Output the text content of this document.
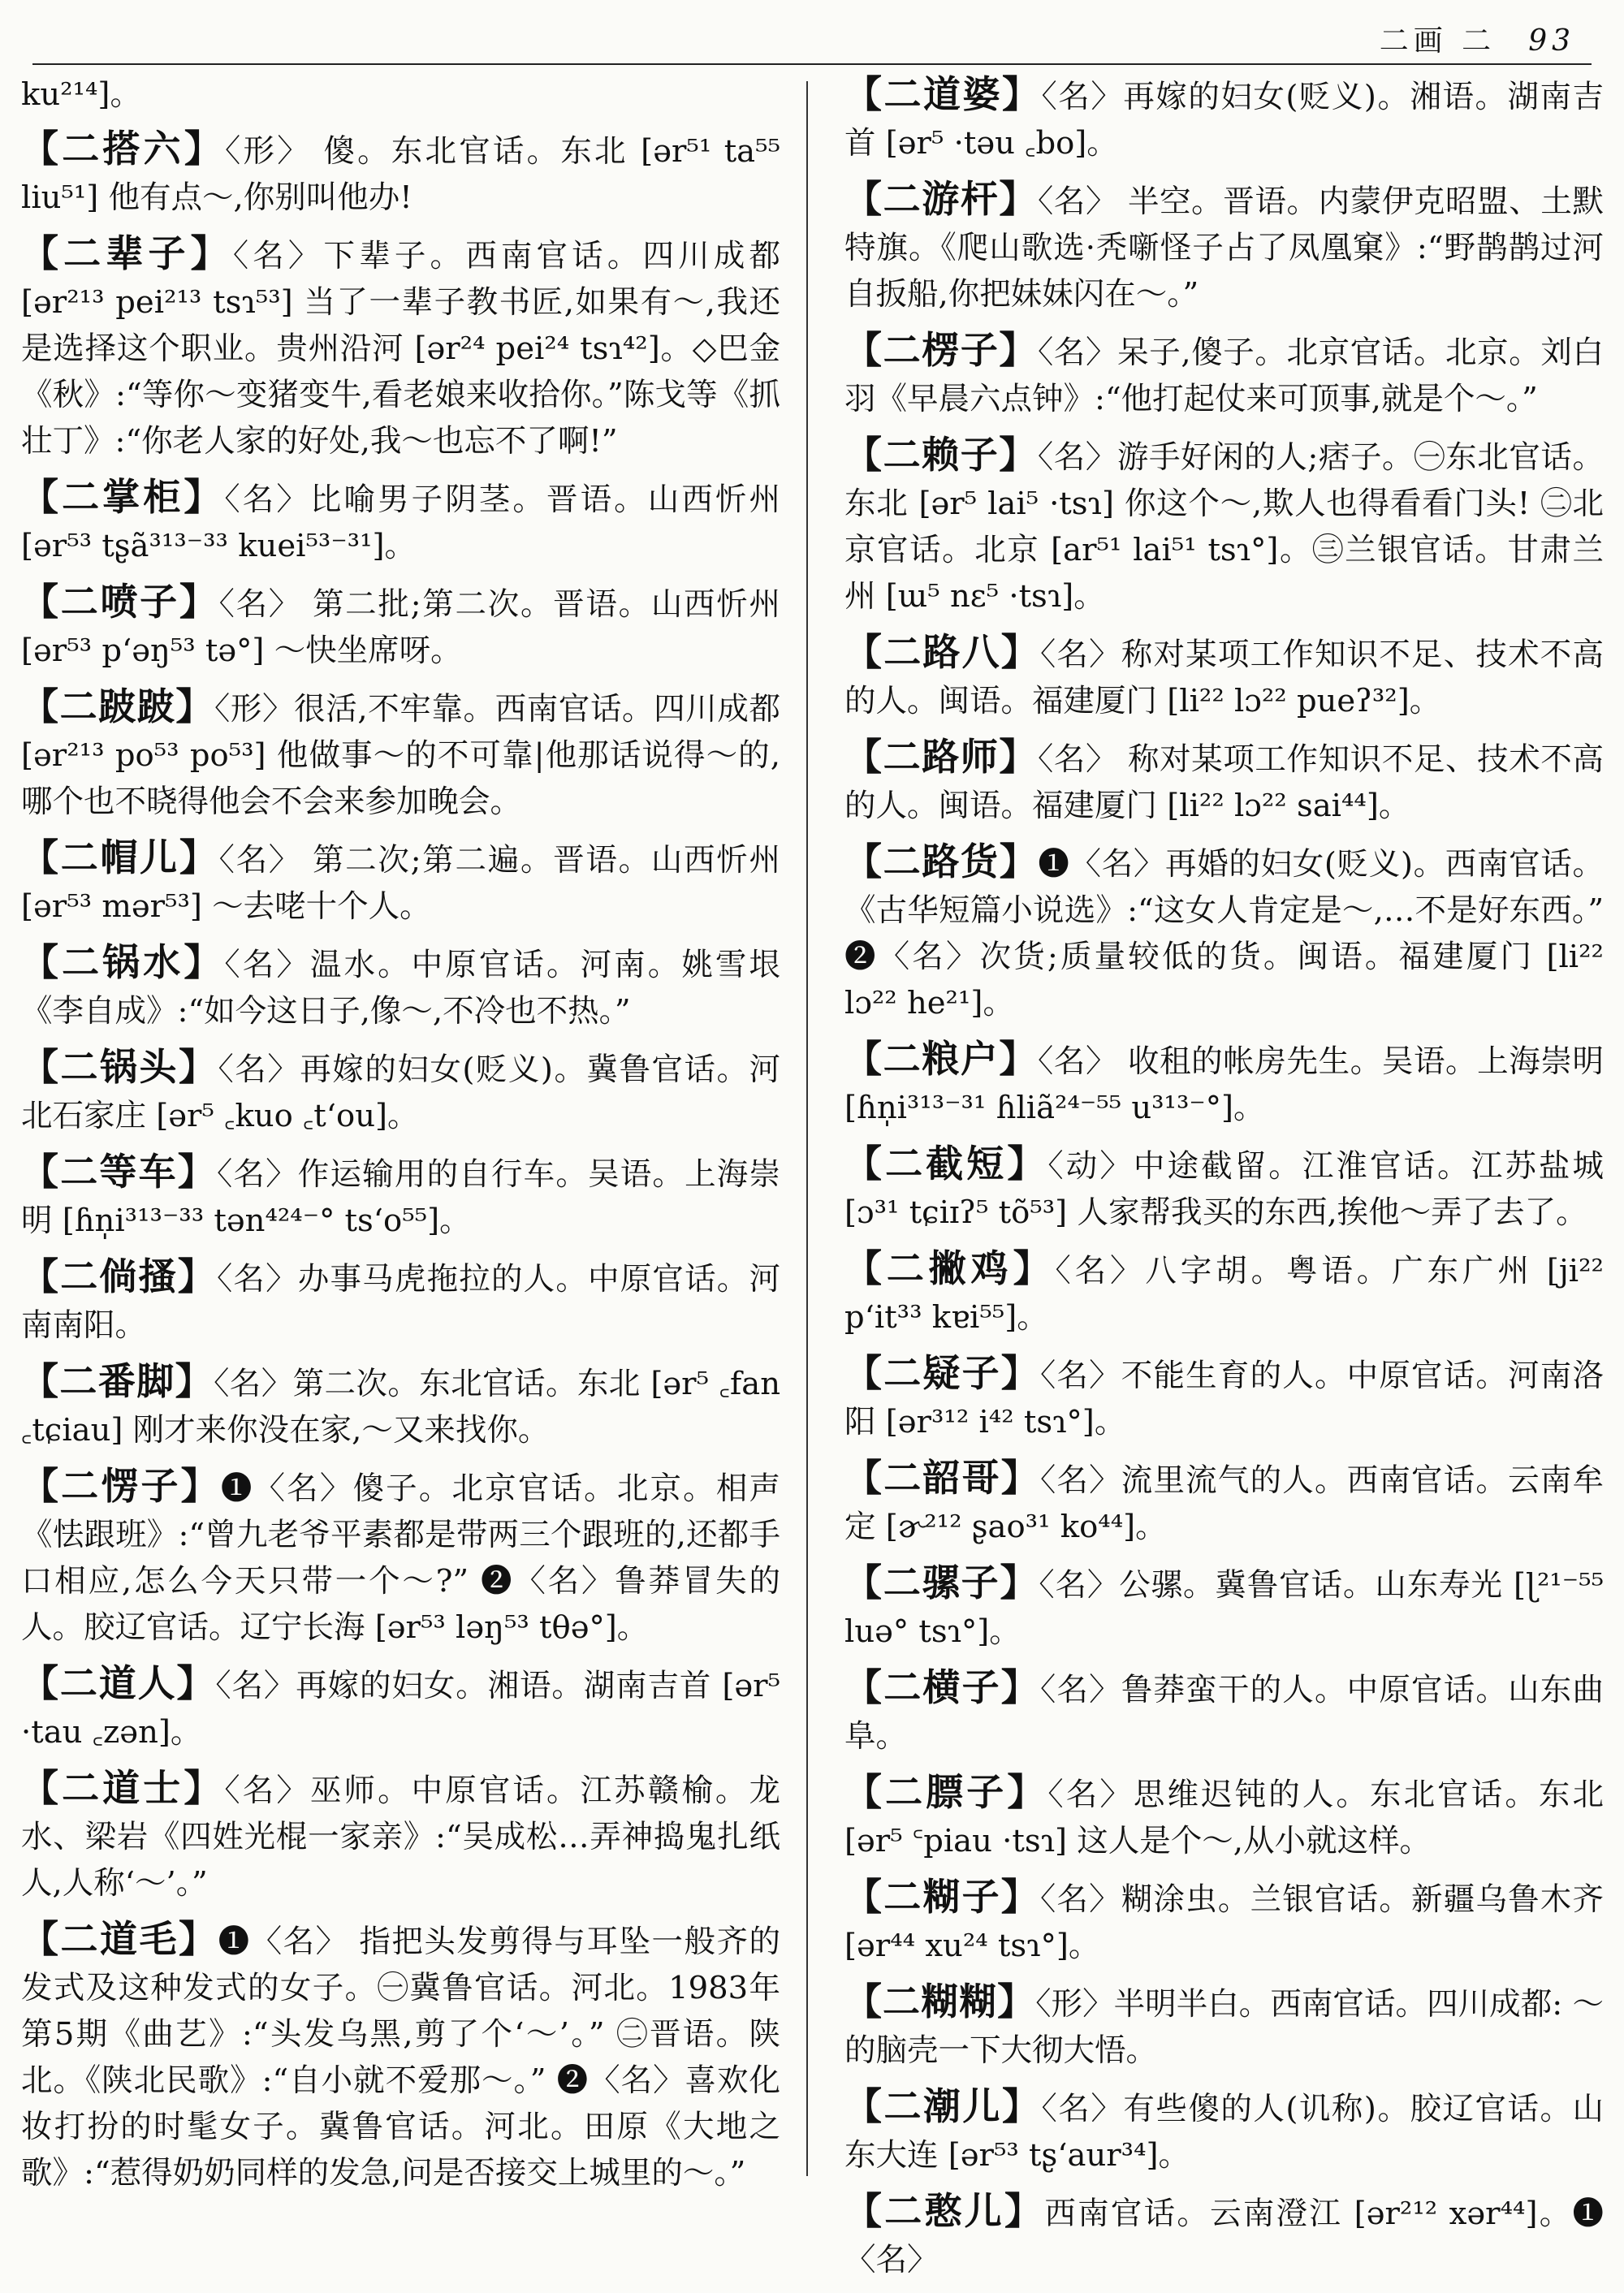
二画 二 93
ku²¹⁴]。
【二搭六】〈形〉 傻。东北官话。东北 [ər⁵¹ ta⁵⁵ liu⁵¹] 他有点～,你别叫他办!
【二辈子】〈名〉下辈子。西南官话。四川成都 [ər²¹³ pei²¹³ tsɿ⁵³] 当了一辈子教书匠,如果有～,我还是选择这个职业。贵州沿河 [ər²⁴ pei²⁴ tsɿ⁴²]。◇巴金《秋》:“等你～变猪变牛,看老娘来收拾你。”陈戈等《抓壮丁》:“你老人家的好处,我～也忘不了啊!”
【二掌柜】〈名〉比喻男子阴茎。晋语。山西忻州 [ər⁵³ tʂã³¹³⁻³³ kuei⁵³⁻³¹]。
【二喷子】〈名〉 第二批;第二次。晋语。山西忻州 [ər⁵³ p‘əŋ⁵³ tə°] ～快坐席呀。
【二跛跛】〈形〉很活,不牢靠。西南官话。四川成都 [ər²¹³ po⁵³ po⁵³] 他做事～的不可靠|他那话说得～的,哪个也不晓得他会不会来参加晚会。
【二帽儿】〈名〉 第二次;第二遍。晋语。山西忻州 [ər⁵³ mər⁵³] ～去咾十个人。
【二锅水】〈名〉温水。中原官话。河南。姚雪垠《李自成》:“如今这日子,像～,不冷也不热。”
【二锅头】〈名〉再嫁的妇女(贬义)。冀鲁官话。河北石家庄 [ər⁵ ꜀kuo ꜀t‘ou]。
【二等车】〈名〉作运输用的自行车。吴语。上海崇明 [ɦn̩i³¹³⁻³³ tən⁴²⁴⁻° ts‘o⁵⁵]。
【二倘搔】〈名〉办事马虎拖拉的人。中原官话。河南南阳。
【二番脚】〈名〉第二次。东北官话。东北 [ər⁵ ꜀fan ꜀tɕiau] 刚才来你没在家,～又来找你。
【二愣子】❶〈名〉傻子。北京官话。北京。相声《怯跟班》:“曾九老爷平素都是带两三个跟班的,还都手口相应,怎么今天只带一个～?” ❷〈名〉鲁莽冒失的人。胶辽官话。辽宁长海 [ər⁵³ ləŋ⁵³ tθə°]。
【二道人】〈名〉再嫁的妇女。湘语。湖南吉首 [ər⁵ ·tau ꜀zən]。
【二道士】〈名〉巫师。中原官话。江苏赣榆。龙水、梁岩《四姓光棍一家亲》:“吴成松…弄神捣鬼扎纸人,人称‘～’。”
【二道毛】❶〈名〉 指把头发剪得与耳坠一般齐的发式及这种发式的女子。㊀冀鲁官话。河北。1983年第5期《曲艺》:“头发乌黑,剪了个‘～’。” ㊁晋语。陕北。《陕北民歌》:“自小就不爱那～。” ❷〈名〉喜欢化妆打扮的时髦女子。冀鲁官话。河北。田原《大地之歌》:“惹得奶奶同样的发急,问是否接交上城里的～。”
【二道婆】〈名〉再嫁的妇女(贬义)。湘语。湖南吉首 [ər⁵ ·təu ꜀bo]。
【二游杆】〈名〉 半空。晋语。内蒙伊克昭盟、土默特旗。《爬山歌选·秃噺怪子占了凤凰窠》:“野鹊鹊过河自扳船,你把妹妹闪在～。”
【二楞子】〈名〉呆子,傻子。北京官话。北京。刘白羽《早晨六点钟》:“他打起仗来可顶事,就是个～。”
【二赖子】〈名〉游手好闲的人;痞子。㊀东北官话。东北 [ər⁵ lai⁵ ·tsɿ] 你这个～,欺人也得看看门头! ㊁北京官话。北京 [ar⁵¹ lai⁵¹ tsɿ°]。㊂兰银官话。甘肃兰州 [ɯ⁵ nɛ⁵ ·tsɿ]。
【二路八】〈名〉称对某项工作知识不足、技术不高的人。闽语。福建厦门 [li²² lɔ²² pueʔ³²]。
【二路师】〈名〉 称对某项工作知识不足、技术不高的人。闽语。福建厦门 [li²² lɔ²² sai⁴⁴]。
【二路货】❶〈名〉再婚的妇女(贬义)。西南官话。《古华短篇小说选》:“这女人肯定是～,…不是好东西。” ❷〈名〉次货;质量较低的货。闽语。福建厦门 [li²² lɔ²² he²¹]。
【二粮户】〈名〉 收租的帐房先生。吴语。上海崇明 [ɦn̩i³¹³⁻³¹ ɦliã²⁴⁻⁵⁵ u³¹³⁻°]。
【二截短】〈动〉中途截留。江淮官话。江苏盐城 [ɔ³¹ tɕiɪʔ⁵ tõ⁵³] 人家帮我买的东西,挨他～弄了去了。
【二撇鸡】〈名〉八字胡。粤语。广东广州 [ji²² p‘it³³ kɐi⁵⁵]。
【二疑子】〈名〉不能生育的人。中原官话。河南洛阳 [ər³¹² i⁴² tsɿ°]。
【二韶哥】〈名〉流里流气的人。西南官话。云南牟定 [ɚ²¹² ʂao³¹ ko⁴⁴]。
【二骡子】〈名〉公骡。冀鲁官话。山东寿光 [ɭ²¹⁻⁵⁵ luə° tsɿ°]。
【二横子】〈名〉鲁莽蛮干的人。中原官话。山东曲阜。
【二膘子】〈名〉思维迟钝的人。东北官话。东北 [ər⁵ ꜂piau ·tsɿ] 这人是个～,从小就这样。
【二糊子】〈名〉糊涂虫。兰银官话。新疆乌鲁木齐 [ər⁴⁴ xu²⁴ tsɿ°]。
【二糊糊】〈形〉半明半白。西南官话。四川成都: ～的脑壳一下大彻大悟。
【二潮儿】〈名〉有些傻的人(讥称)。胶辽官话。山东大连 [ər⁵³ tʂ‘aur³⁴]。
【二憨儿】西南官话。云南澄江 [ər²¹² xər⁴⁴]。❶〈名〉
